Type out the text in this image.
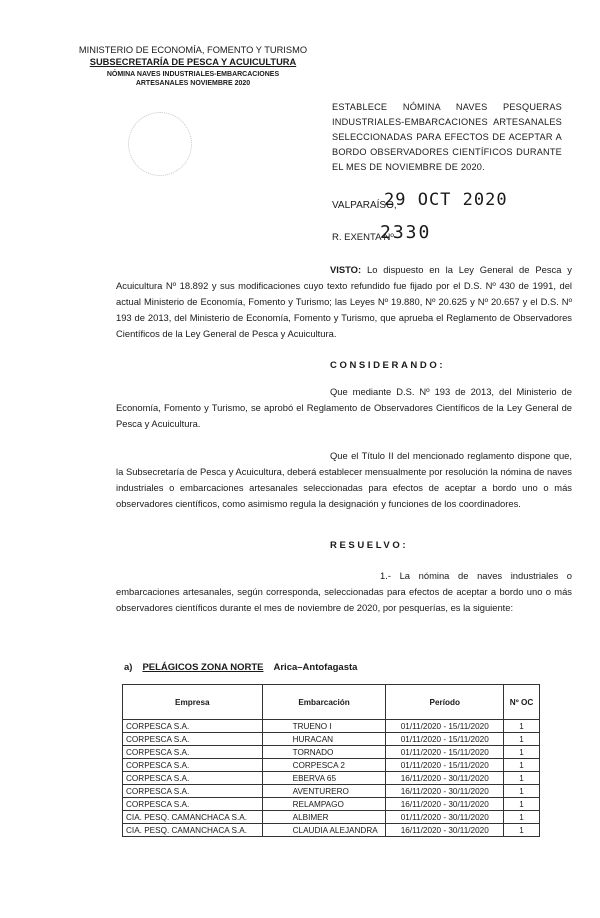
MINISTERIO DE ECONOMÍA, FOMENTO Y TURISMO
SUBSECRETARÍA DE PESCA Y ACUICULTURA
NÓMINA NAVES INDUSTRIALES-EMBARCACIONES
ARTESANALES NOVIEMBRE 2020
ESTABLECE NÓMINA NAVES PESQUERAS INDUSTRIALES-EMBARCACIONES ARTESANALES SELECCIONADAS PARA EFECTOS DE ACEPTAR A BORDO OBSERVADORES CIENTÍFICOS DURANTE EL MES DE NOVIEMBRE DE 2020.
VALPARAÍSO,
29 OCT 2020
R. EXENTA Nº
2330
VISTO: Lo dispuesto en la Ley General de Pesca y Acuicultura Nº 18.892 y sus modificaciones cuyo texto refundido fue fijado por el D.S. Nº 430 de 1991, del actual Ministerio de Economía, Fomento y Turismo; las Leyes Nº 19.880, Nº 20.625 y Nº 20.657 y el D.S. Nº 193 de 2013, del Ministerio de Economía, Fomento y Turismo, que aprueba el Reglamento de Observadores Científicos de la Ley General de Pesca y Acuicultura.
CONSIDERANDO:
Que mediante D.S. Nº 193 de 2013, del Ministerio de Economía, Fomento y Turismo, se aprobó el Reglamento de Observadores Científicos de la Ley General de Pesca y Acuicultura.
Que el Título II del mencionado reglamento dispone que, la Subsecretaría de Pesca y Acuicultura, deberá establecer mensualmente por resolución la nómina de naves industriales o embarcaciones artesanales seleccionadas para efectos de aceptar a bordo uno o más observadores científicos, como asimismo regula la designación y funciones de los coordinadores.
RESUELVO:
1.- La nómina de naves industriales o embarcaciones artesanales, según corresponda, seleccionadas para efectos de aceptar a bordo uno o más observadores científicos durante el mes de noviembre de 2020, por pesquerías, es la siguiente:
a) PELÁGICOS ZONA NORTE Arica–Antofagasta
Empresa	Embarcación	Período	Nº OC
CORPESCA S.A.	TRUENO I	01/11/2020 - 15/11/2020	1
CORPESCA S.A.	HURACAN	01/11/2020 - 15/11/2020	1
CORPESCA S.A.	TORNADO	01/11/2020 - 15/11/2020	1
CORPESCA S.A.	CORPESCA 2	01/11/2020 - 15/11/2020	1
CORPESCA S.A.	EBERVA 65	16/11/2020 - 30/11/2020	1
CORPESCA S.A.	AVENTURERO	16/11/2020 - 30/11/2020	1
CORPESCA S.A.	RELAMPAGO	16/11/2020 - 30/11/2020	1
CIA. PESQ. CAMANCHACA S.A.	ALBIMER	01/11/2020 - 30/11/2020	1
CIA. PESQ. CAMANCHACA S.A.	CLAUDIA ALEJANDRA	16/11/2020 - 30/11/2020	1
